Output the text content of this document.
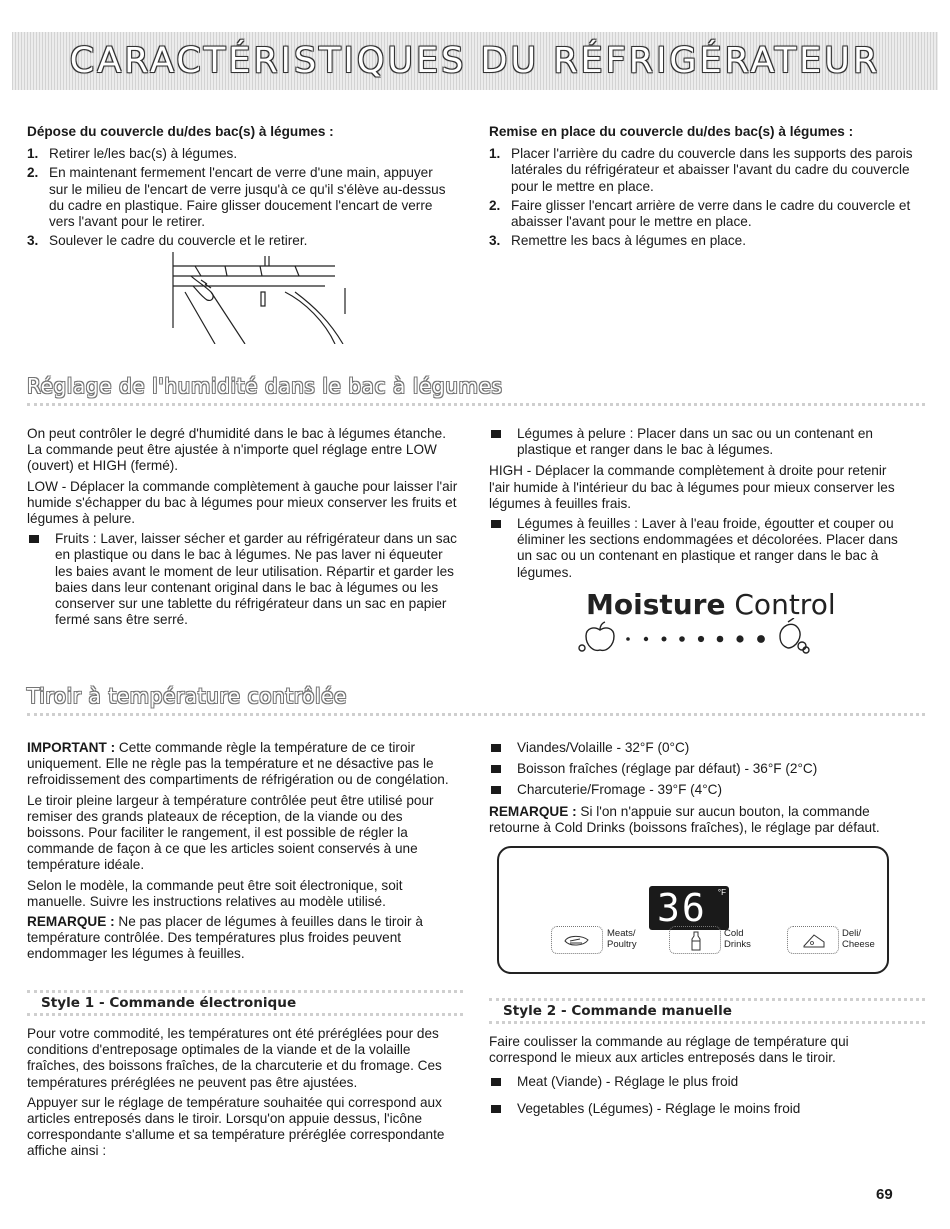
CARACTÉRISTIQUES DU RÉFRIGÉRATEUR
Dépose du couvercle du/des bac(s) à légumes :
1. Retirer le/les bac(s) à légumes.
2. En maintenant fermement l'encart de verre d'une main, appuyer sur le milieu de l'encart de verre jusqu'à ce qu'il s'élève au-dessus du cadre en plastique. Faire glisser doucement l'encart de verre vers l'avant pour le retirer.
3. Soulever le cadre du couvercle et le retirer.
Remise en place du couvercle du/des bac(s) à légumes :
1. Placer l'arrière du cadre du couvercle dans les supports des parois latérales du réfrigérateur et abaisser l'avant du cadre du couvercle pour le mettre en place.
2. Faire glisser l'encart arrière de verre dans le cadre du couvercle et abaisser l'avant pour le mettre en place.
3. Remettre les bacs à légumes en place.
Réglage de l'humidité dans le bac à légumes

On peut contrôler le degré d'humidité dans le bac à légumes étanche. La commande peut être ajustée à n'importe quel réglage entre LOW (ouvert) et HIGH (fermé).

LOW - Déplacer la commande complètement à gauche pour laisser l'air humide s'échapper du bac à légumes pour mieux conserver les fruits et légumes à pelure.

Fruits : Laver, laisser sécher et garder au réfrigérateur dans un sac en plastique ou dans le bac à légumes. Ne pas laver ni équeuter les baies avant le moment de leur utilisation. Répartir et garder les baies dans leur contenant original dans le bac à légumes ou les conserver sur une tablette du réfrigérateur dans un sac en papier fermé sans être serré.
Légumes à pelure : Placer dans un sac ou un contenant en plastique et ranger dans le bac à légumes.

HIGH - Déplacer la commande complètement à droite pour retenir l'air humide à l'intérieur du bac à légumes pour mieux conserver les légumes à feuilles frais.

Légumes à feuilles : Laver à l'eau froide, égoutter et couper ou éliminer les sections endommagées et décolorées. Placer dans un sac ou un contenant en plastique et ranger dans le bac à légumes.
Moisture Control
Tiroir à température contrôlée

IMPORTANT : Cette commande règle la température de ce tiroir uniquement. Elle ne règle pas la température et ne désactive pas le refroidissement des compartiments de réfrigération ou de congélation.

Le tiroir pleine largeur à température contrôlée peut être utilisé pour remiser des grands plateaux de réception, de la viande ou des boissons. Pour faciliter le rangement, il est possible de régler la commande de façon à ce que les articles soient conservés à une température idéale.

Selon le modèle, la commande peut être soit électronique, soit manuelle. Suivre les instructions relatives au modèle utilisé.

REMARQUE : Ne pas placer de légumes à feuilles dans le tiroir à température contrôlée. Des températures plus froides peuvent endommager les légumes à feuilles.

Viandes/Volaille - 32°F (0°C)
Boisson fraîches (réglage par défaut) - 36°F (2°C)
Charcuterie/Fromage - 39°F (4°C)

REMARQUE : Si l'on n'appuie sur aucun bouton, la commande retourne à Cold Drinks (boissons fraîches), le réglage par défaut.

36 °F
Meats/
Poultry
Cold
Drinks
Deli/
Cheese
Style 1 - Commande électronique

Pour votre commodité, les températures ont été préréglées pour des conditions d'entreposage optimales de la viande et de la volaille fraîches, des boissons fraîches, de la charcuterie et du fromage. Ces températures préréglées ne peuvent pas être ajustées.

Appuyer sur le réglage de température souhaitée qui correspond aux articles entreposés dans le tiroir. Lorsqu'on appuie dessus, l'icône correspondante s'allume et sa température préréglée correspondante affiche ainsi :

Style 2 - Commande manuelle

Faire coulisser la commande au réglage de température qui correspond le mieux aux articles entreposés dans le tiroir.

Meat (Viande) - Réglage le plus froid
Vegetables (Légumes) - Réglage le moins froid
69
